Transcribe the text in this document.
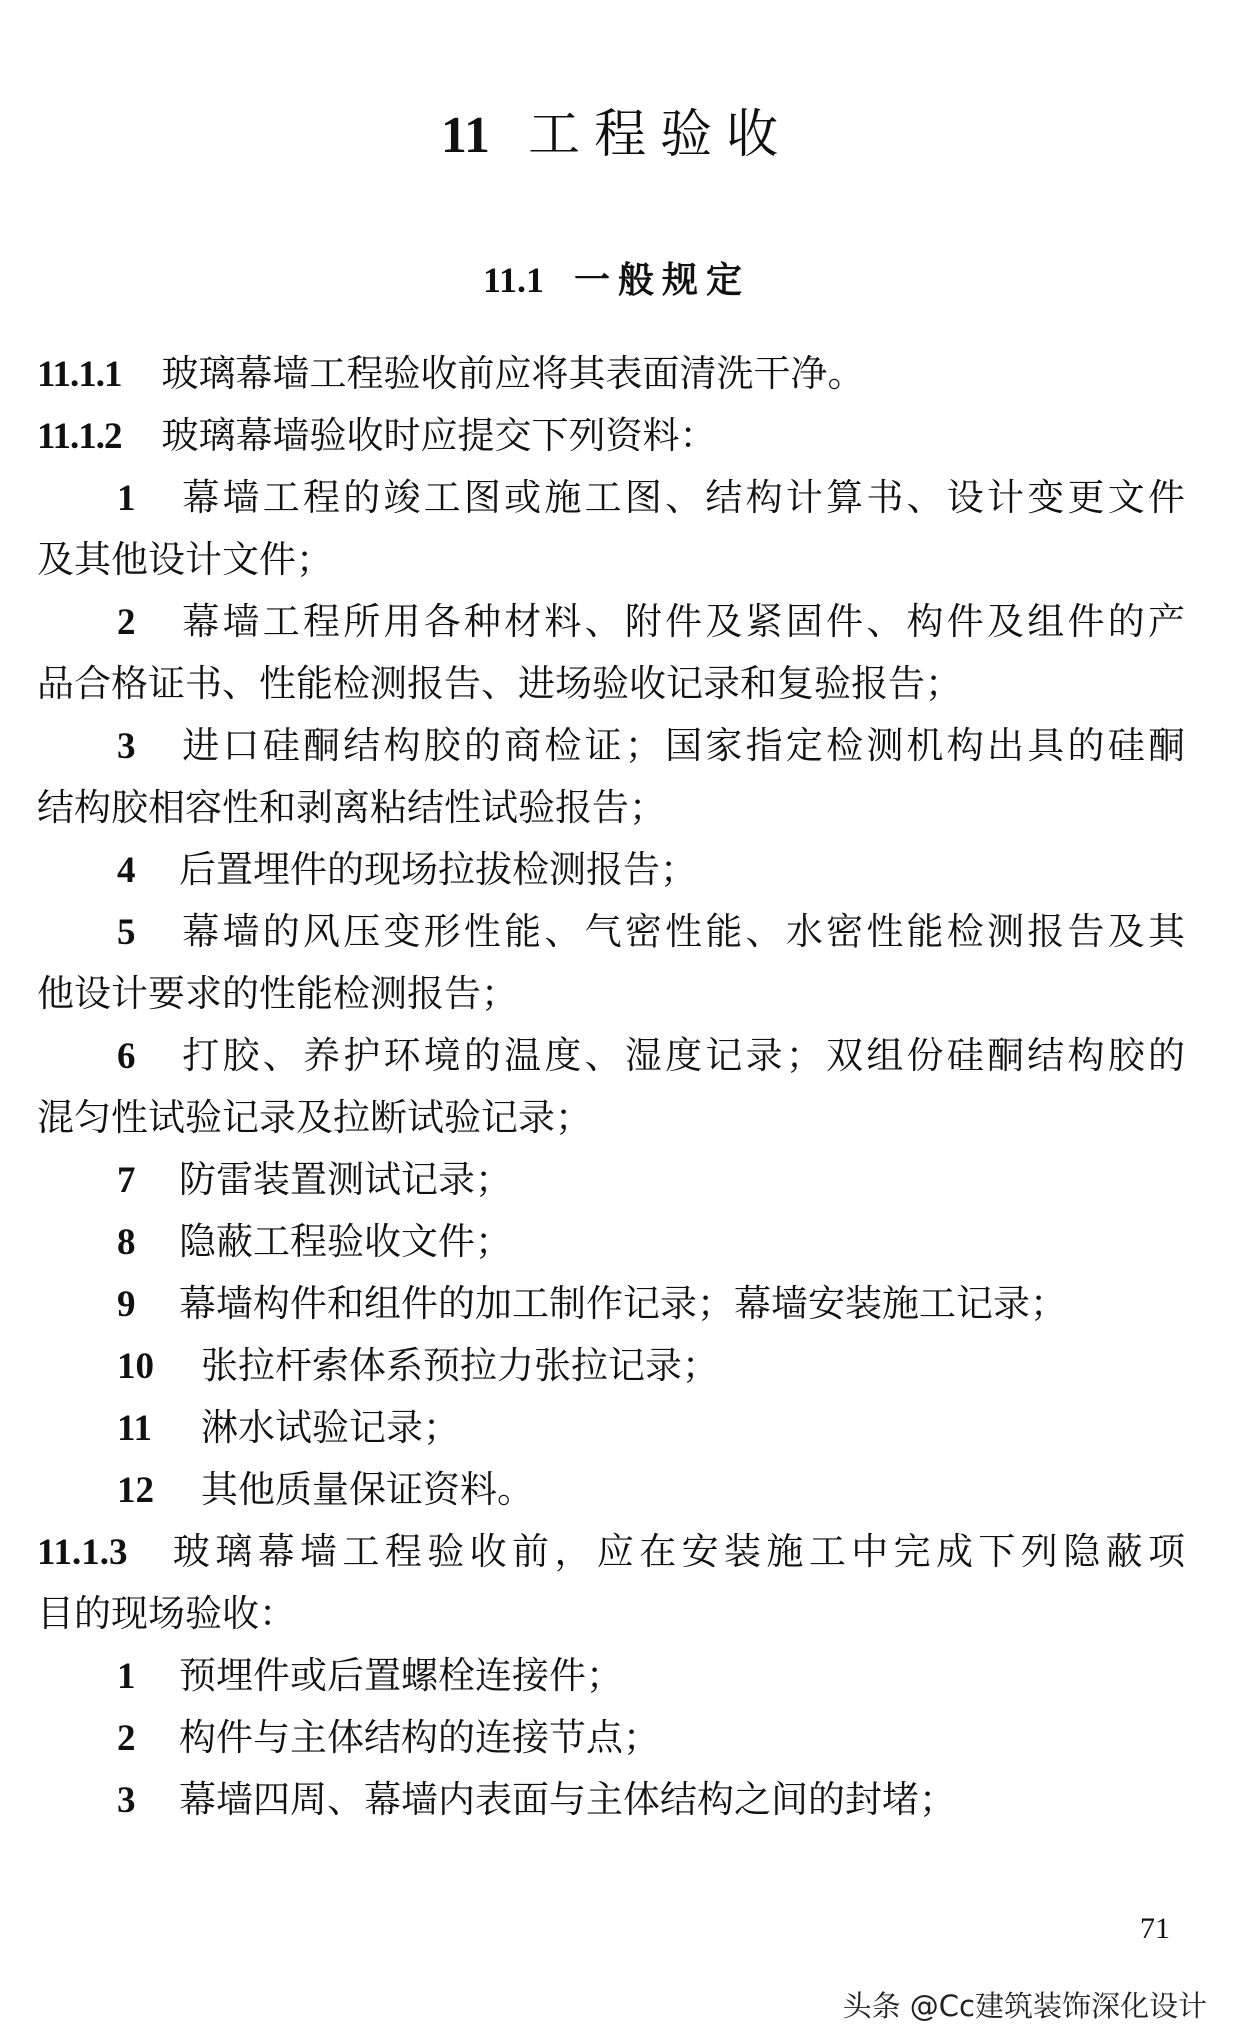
11 工程验收
11.1 一般规定
11.1.1 玻璃幕墙工程验收前应将其表面清洗干净。
11.1.2 玻璃幕墙验收时应提交下列资料：
1 幕墙工程的竣工图或施工图、结构计算书、设计变更文件
及其他设计文件；
2 幕墙工程所用各种材料、附件及紧固件、构件及组件的产
品合格证书、性能检测报告、进场验收记录和复验报告；
3 进口硅酮结构胶的商检证；国家指定检测机构出具的硅酮
结构胶相容性和剥离粘结性试验报告；
4 后置埋件的现场拉拔检测报告；
5 幕墙的风压变形性能、气密性能、水密性能检测报告及其
他设计要求的性能检测报告；
6 打胶、养护环境的温度、湿度记录；双组份硅酮结构胶的
混匀性试验记录及拉断试验记录；
7 防雷装置测试记录；
8 隐蔽工程验收文件；
9 幕墙构件和组件的加工制作记录；幕墙安装施工记录；
10 张拉杆索体系预拉力张拉记录；
11 淋水试验记录；
12 其他质量保证资料。
11.1.3 玻璃幕墙工程验收前，应在安装施工中完成下列隐蔽项
目的现场验收：
1 预埋件或后置螺栓连接件；
2 构件与主体结构的连接节点；
3 幕墙四周、幕墙内表面与主体结构之间的封堵；
71
头条 @Cc建筑装饰深化设计
